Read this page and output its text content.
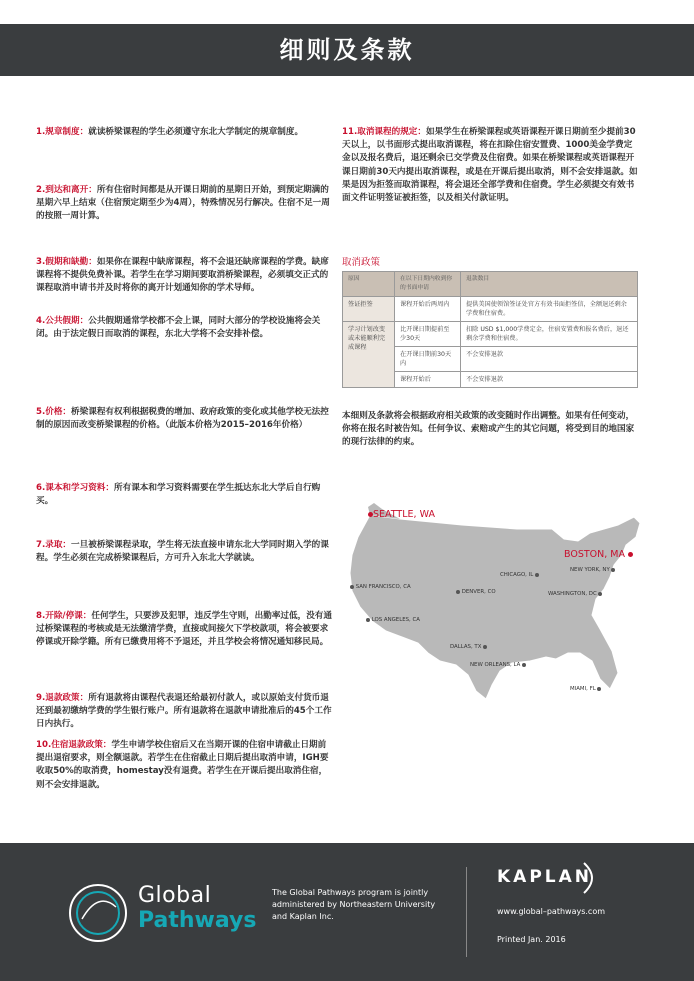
细则及条款

1.规章制度：就读桥梁课程的学生必须遵守东北大学制定的规章制度。

2.到达和离开：所有住宿时间都是从开课日期前的星期日开始，到预定期满的星期六早上结束（住宿预定期至少为4周），特殊情况另行解决。住宿不足一周的按照一周计算。

3.假期和缺勤：如果你在课程中缺席课程，将不会退还缺席课程的学费。缺席课程将不提供免费补课。若学生在学习期间要取消桥梁课程，必须填交正式的课程取消申请书并及时将你的离开计划通知你的学术导师。

4.公共假期：公共假期通常学校都不会上课，同时大部分的学校设施将会关闭。由于法定假日而取消的课程，东北大学将不会安排补偿。

5.价格：桥梁课程有权利根据税费的增加、政府政策的变化或其他学校无法控制的原因而改变桥梁课程的价格。（此版本价格为2015–2016年价格）

6.课本和学习资料：所有课本和学习资料需要在学生抵达东北大学后自行购买。

7.录取：一旦被桥梁课程录取，学生将无法直接申请东北大学同时期入学的课程。学生必须在完成桥梁课程后，方可升入东北大学就读。

8.开除/停课：任何学生，只要涉及犯罪，违反学生守则，出勤率过低，没有通过桥梁课程的考核或是无法缴清学费，直接或间接欠下学校款项，将会被要求停课或开除学籍。所有已缴费用将不予退还，并且学校会将情况通知移民局。

9.退款政策：所有退款将由课程代表退还给最初付款人，或以原始支付货币退还到最初缴纳学费的学生银行账户。所有退款将在退款申请批准后的45个工作日内执行。

10.住宿退款政策：学生申请学校住宿后又在当期开课的住宿申请截止日期前提出退宿要求，则全额退款。若学生在住宿截止日期后提出取消申请，IGH要收取50%的取消费，homestay没有退费。若学生在开课后提出取消住宿，则不会安排退款。

11.取消课程的规定：如果学生在桥梁课程或英语课程开课日期前至少提前30天以上，以书面形式提出取消课程，将在扣除住宿安置费、1000美金学费定金以及报名费后，退还剩余已交学费及住宿费。如果在桥梁课程或英语课程开课日期前30天内提出取消课程，或是在开课后提出取消，则不会安排退款。如果是因为拒签而取消课程，将会退还全部学费和住宿费。学生必须提交有效书面文件证明签证被拒签，以及相关付款证明。

取消政策
原因	在以下日期内收到你的书面申请	退款数目
签证拒签	课程开始后两周内	提供美国使领馆签证处官方有效书面拒签信，全额退还剩余学费和住宿费。
学习计划改变或未能顺利完成课程	比开课日期提前至少30天	扣除 USD $1,000学费定金，住宿安置费和报名费后，退还剩余学费和住宿费。
	在开课日期前30天内	不会安排退款
	课程开始后	不会安排退款

本细则及条款将会根据政府相关政策的改变随时作出调整。如果有任何变动，你将在报名时被告知。任何争议、索赔或产生的其它问题，将受到目的地国家的现行法律的约束。

SEATTLE, WA
BOSTON, MA
CHICAGO, IL
NEW YORK, NY
SAN FRANCISCO, CA
DENVER, CO	WASHINGTON, DC
LOS ANGELES, CA
DALLAS, TX
NEW ORLEANS, LA
MIAMI, FL
Global
Pathways
The Global Pathways program is jointly administered by Northeastern University and Kaplan Inc.
KAPLAN
www.global–pathways.com
Printed Jan. 2016
